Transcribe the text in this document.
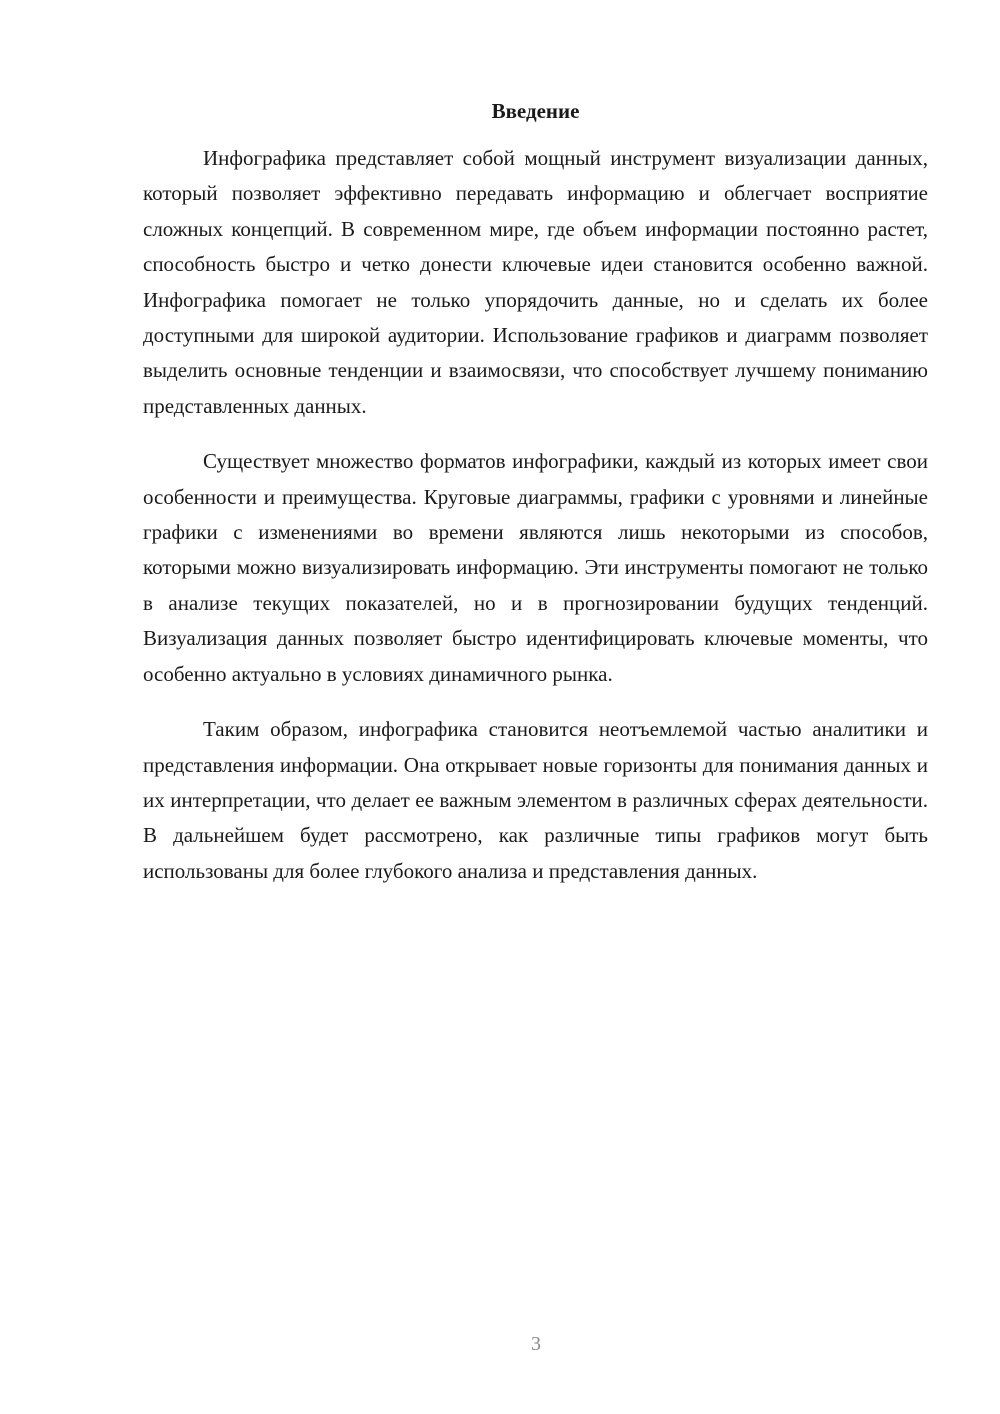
Введение

Инфографика представляет собой мощный инструмент визуализации данных, который позволяет эффективно передавать информацию и облегчает восприятие сложных концепций. В современном мире, где объем информации постоянно растет, способность быстро и четко донести ключевые идеи становится особенно важной. Инфографика помогает не только упорядочить данные, но и сделать их более доступными для широкой аудитории. Использование графиков и диаграмм позволяет выделить основные тенденции и взаимосвязи, что способствует лучшему пониманию представленных данных.

Существует множество форматов инфографики, каждый из которых имеет свои особенности и преимущества. Круговые диаграммы, графики с уровнями и линейные графики с изменениями во времени являются лишь некоторыми из способов, которыми можно визуализировать информацию. Эти инструменты помогают не только в анализе текущих показателей, но и в прогнозировании будущих тенденций. Визуализация данных позволяет быстро идентифицировать ключевые моменты, что особенно актуально в условиях динамичного рынка.

Таким образом, инфографика становится неотъемлемой частью аналитики и представления информации. Она открывает новые горизонты для понимания данных и их интерпретации, что делает ее важным элементом в различных сферах деятельности. В дальнейшем будет рассмотрено, как различные типы графиков могут быть использованы для более глубокого анализа и представления данных.

3
